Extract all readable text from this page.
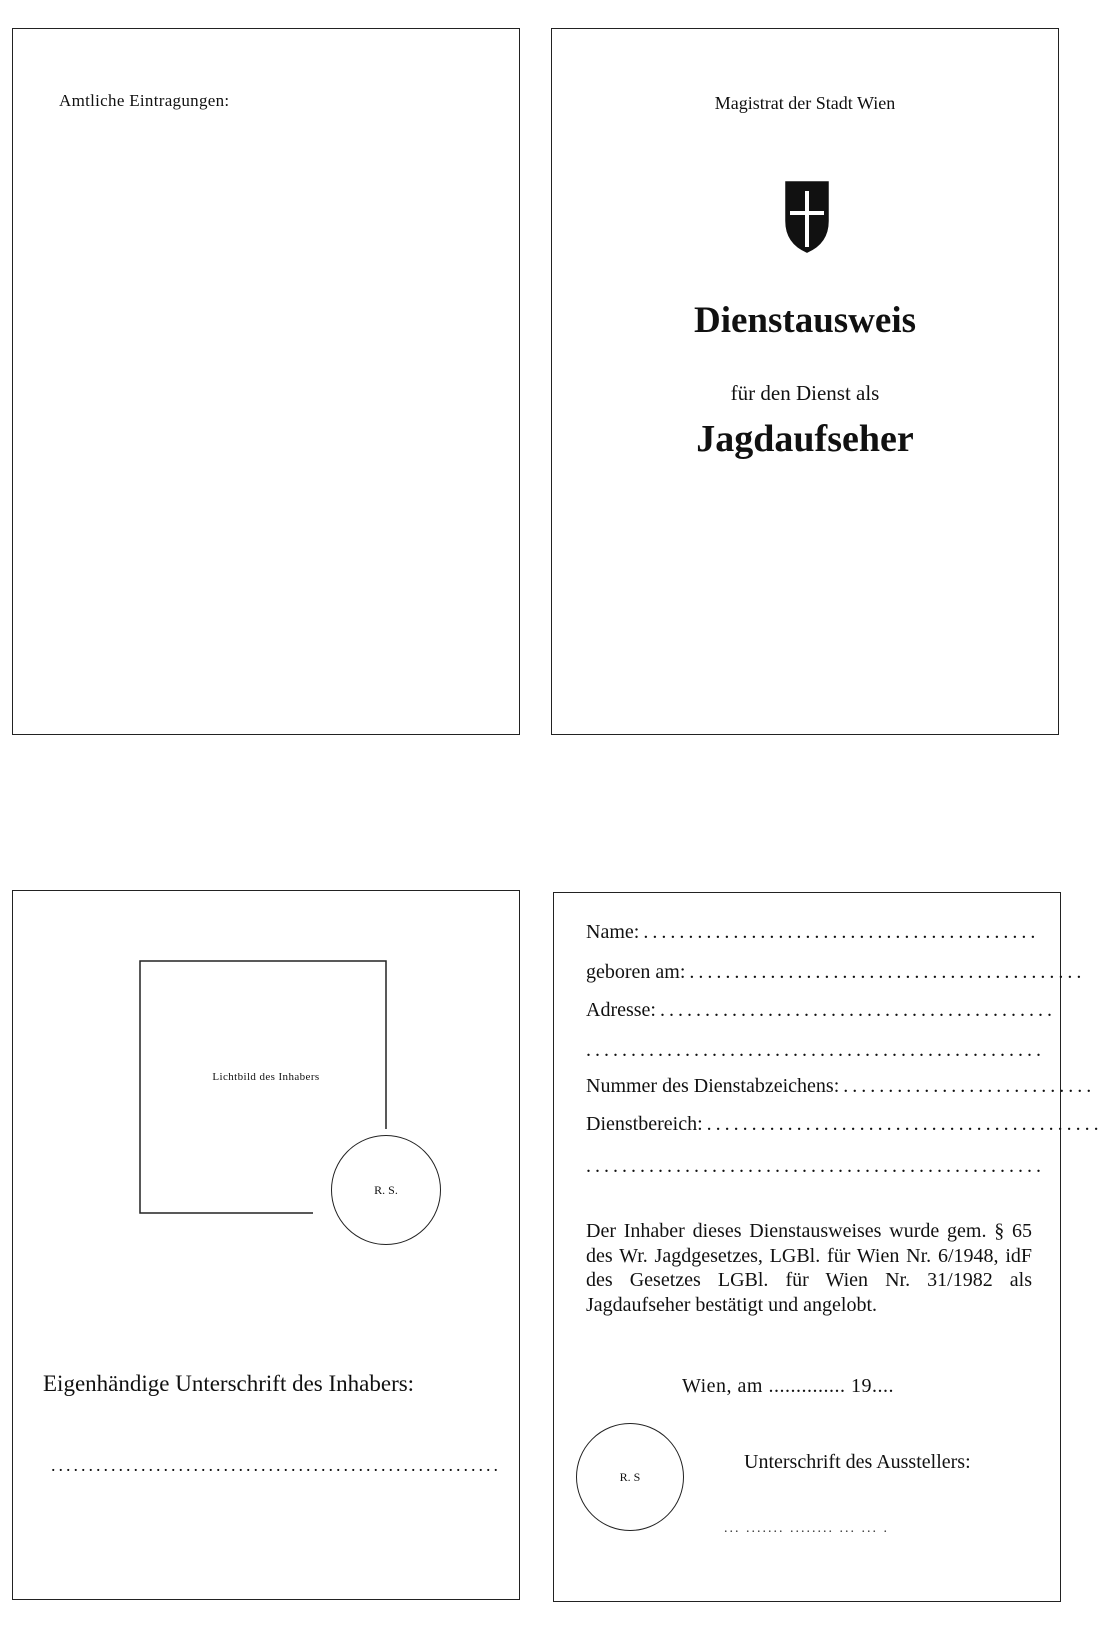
Amtliche Eintragungen:	Magistrat der Stadt Wien
Dienstausweis
für den Dienst als
Jagdaufseher
Lichtbild des Inhabers
R. S.
Eigenhändige Unterschrift des Inhabers:
............................................................
Name: ............................................
geboren am: ............................................
Adresse: ............................................
...................................................
Nummer des Dienstabzeichens: ............................
Dienstbereich: ............................................
...................................................
Der Inhaber dieses Dienstausweises wurde gem. § 65 des Wr. Jagdgesetzes, LGBl. für Wien Nr. 6/1948, idF des Gesetzes LGBl. für Wien Nr. 31/1982 als Jagdaufseher bestätigt und angelobt.
Wien, am .............. 19....
R. S
Unterschrift des Ausstellers:
... ....... ........ ... ... .
